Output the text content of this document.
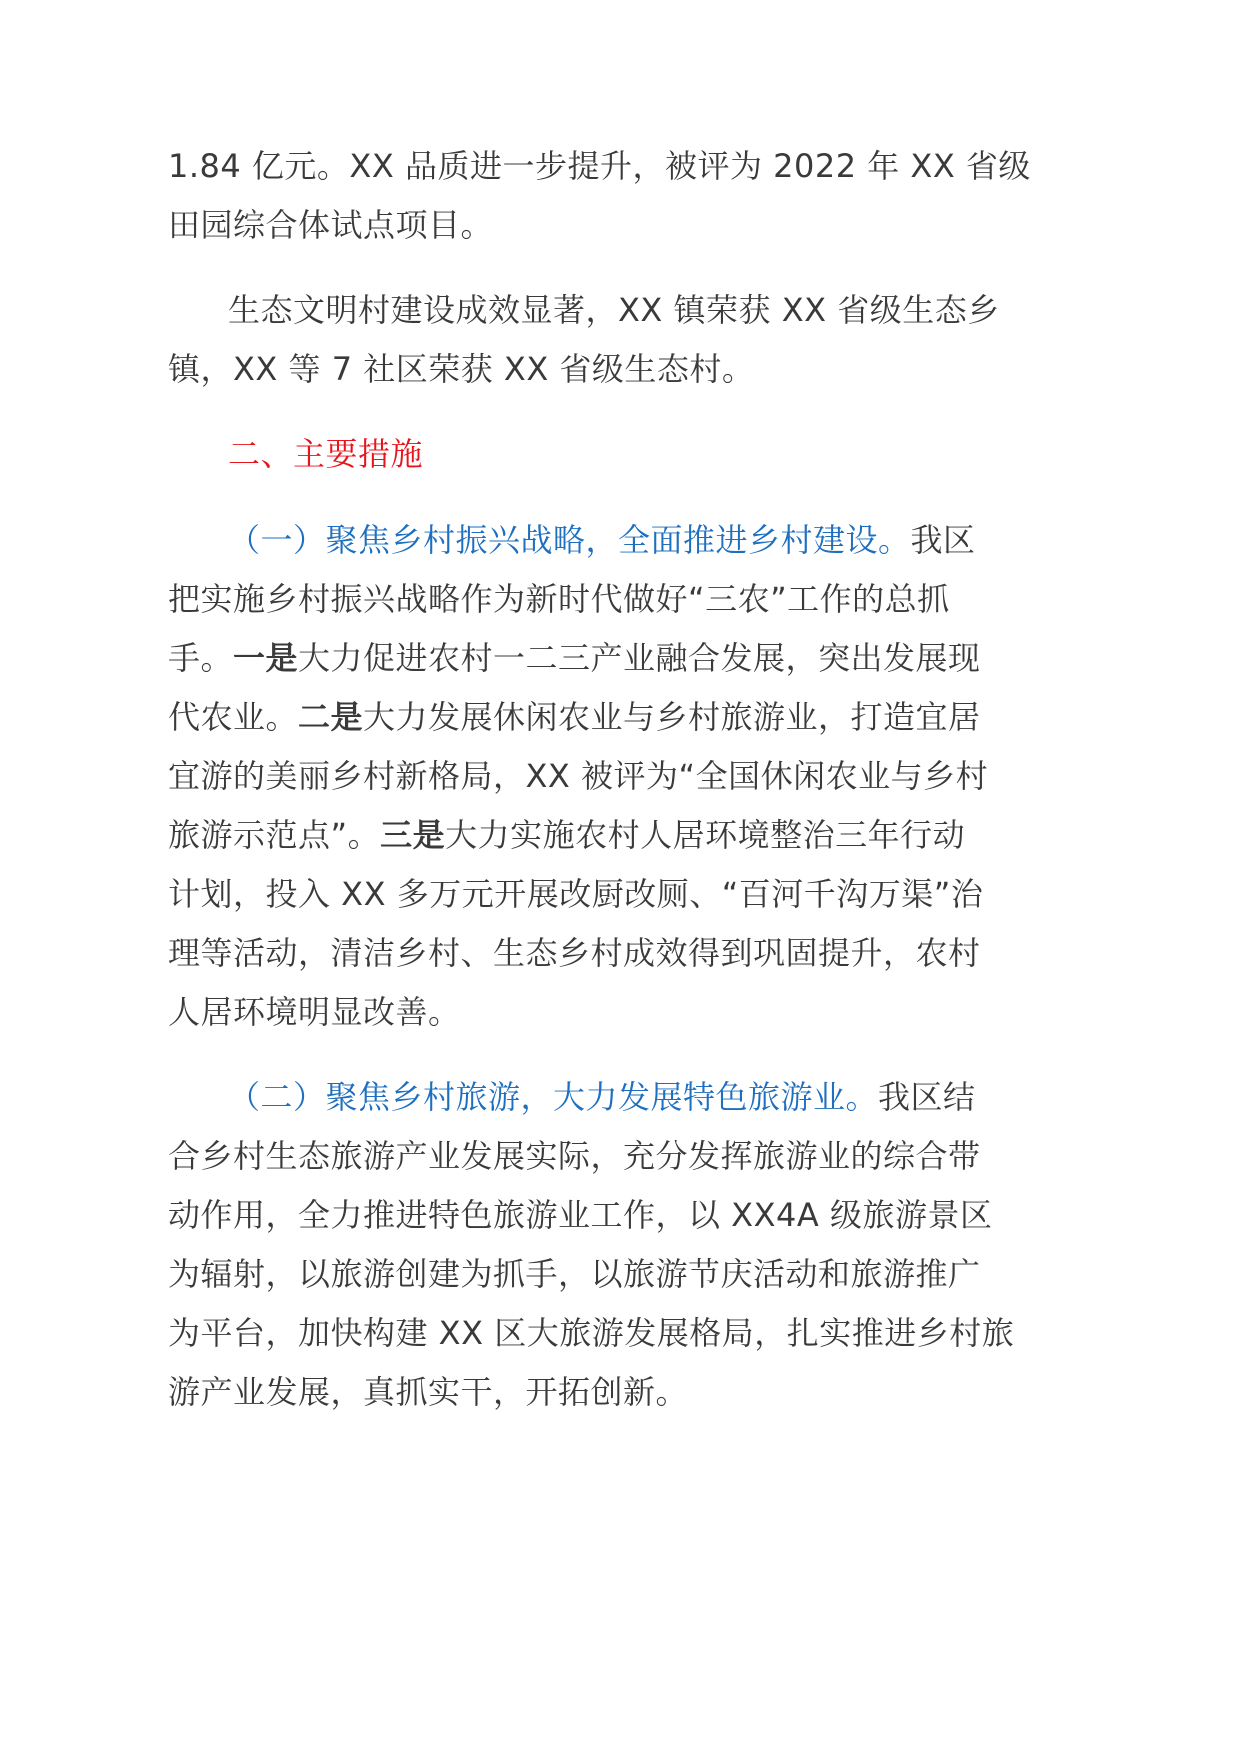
1.84 亿元。XX 品质进一步提升，被评为 2022 年 XX 省级
田园综合体试点项目。
生态文明村建设成效显著，XX 镇荣获 XX 省级生态乡
镇，XX 等 7 社区荣获 XX 省级生态村。
二、主要措施
（一）聚焦乡村振兴战略，全面推进乡村建设。我区
把实施乡村振兴战略作为新时代做好“三农”工作的总抓
手。一是大力促进农村一二三产业融合发展，突出发展现
代农业。二是大力发展休闲农业与乡村旅游业，打造宜居
宜游的美丽乡村新格局，XX 被评为“全国休闲农业与乡村
旅游示范点”。三是大力实施农村人居环境整治三年行动
计划，投入 XX 多万元开展改厨改厕、“百河千沟万渠”治
理等活动，清洁乡村、生态乡村成效得到巩固提升，农村
人居环境明显改善。
（二）聚焦乡村旅游，大力发展特色旅游业。我区结
合乡村生态旅游产业发展实际，充分发挥旅游业的综合带
动作用，全力推进特色旅游业工作，以 XX4A 级旅游景区
为辐射，以旅游创建为抓手，以旅游节庆活动和旅游推广
为平台，加快构建 XX 区大旅游发展格局，扎实推进乡村旅
游产业发展，真抓实干，开拓创新。
